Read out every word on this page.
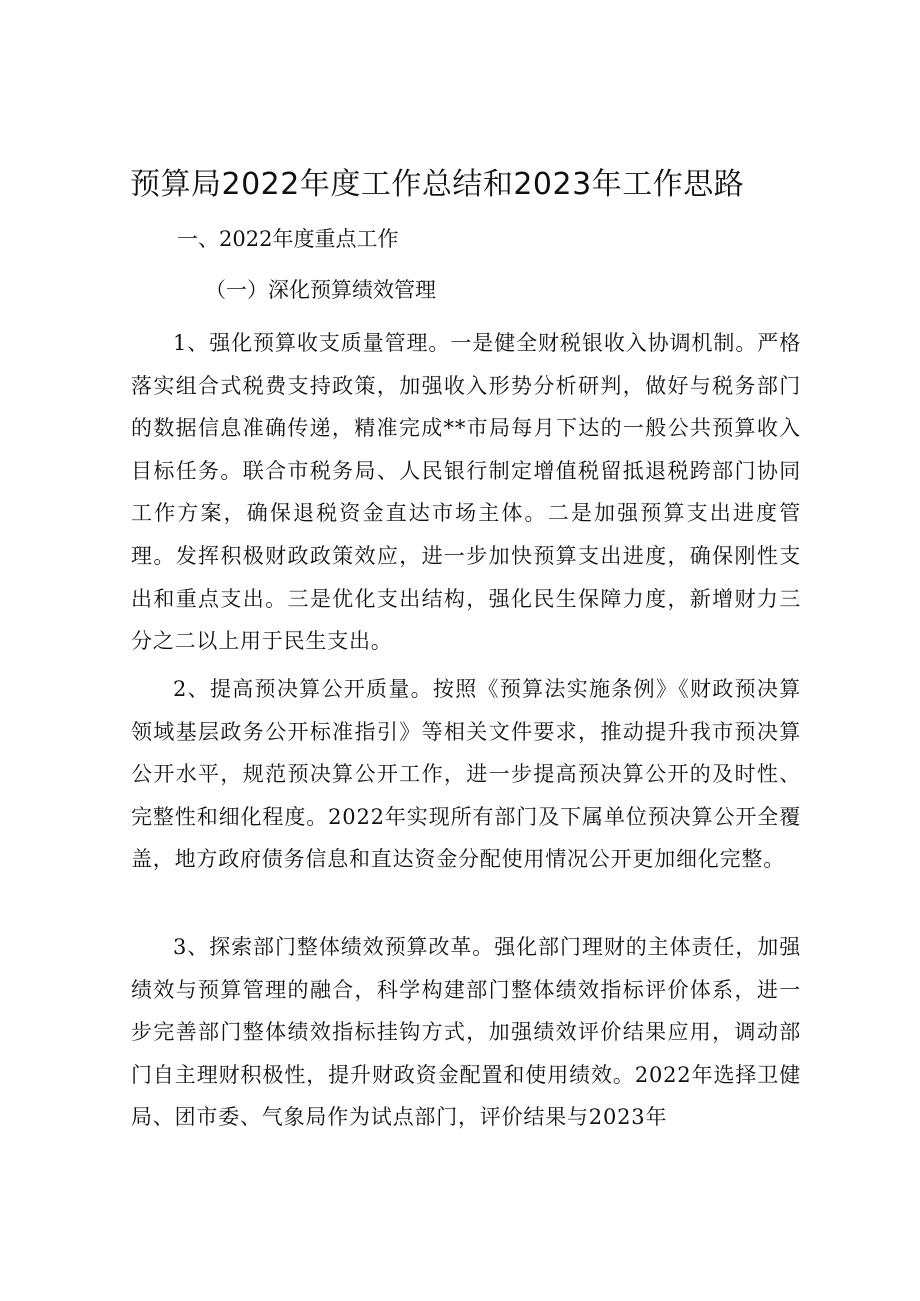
预算局2022年度工作总结和2023年工作思路
一、2022年度重点工作
（一）深化预算绩效管理

1、强化预算收支质量管理。一是健全财税银收入协调机制。严格落实组合式税费支持政策，加强收入形势分析研判，做好与税务部门的数据信息准确传递，精准完成**市局每月下达的一般公共预算收入目标任务。联合市税务局、人民银行制定增值税留抵退税跨部门协同工作方案，确保退税资金直达市场主体。二是加强预算支出进度管理。发挥积极财政政策效应，进一步加快预算支出进度，确保刚性支出和重点支出。三是优化支出结构，强化民生保障力度，新增财力三分之二以上用于民生支出。

2、提高预决算公开质量。按照《预算法实施条例》《财政预决算领域基层政务公开标准指引》等相关文件要求，推动提升我市预决算公开水平，规范预决算公开工作，进一步提高预决算公开的及时性、完整性和细化程度。2022年实现所有部门及下属单位预决算公开全覆盖，地方政府债务信息和直达资金分配使用情况公开更加细化完整。

3、探索部门整体绩效预算改革。强化部门理财的主体责任，加强绩效与预算管理的融合，科学构建部门整体绩效指标评价体系，进一步完善部门整体绩效指标挂钩方式，加强绩效评价结果应用，调动部门自主理财积极性，提升财政资金配置和使用绩效。2022年选择卫健局、团市委、气象局作为试点部门，评价结果与2023年
